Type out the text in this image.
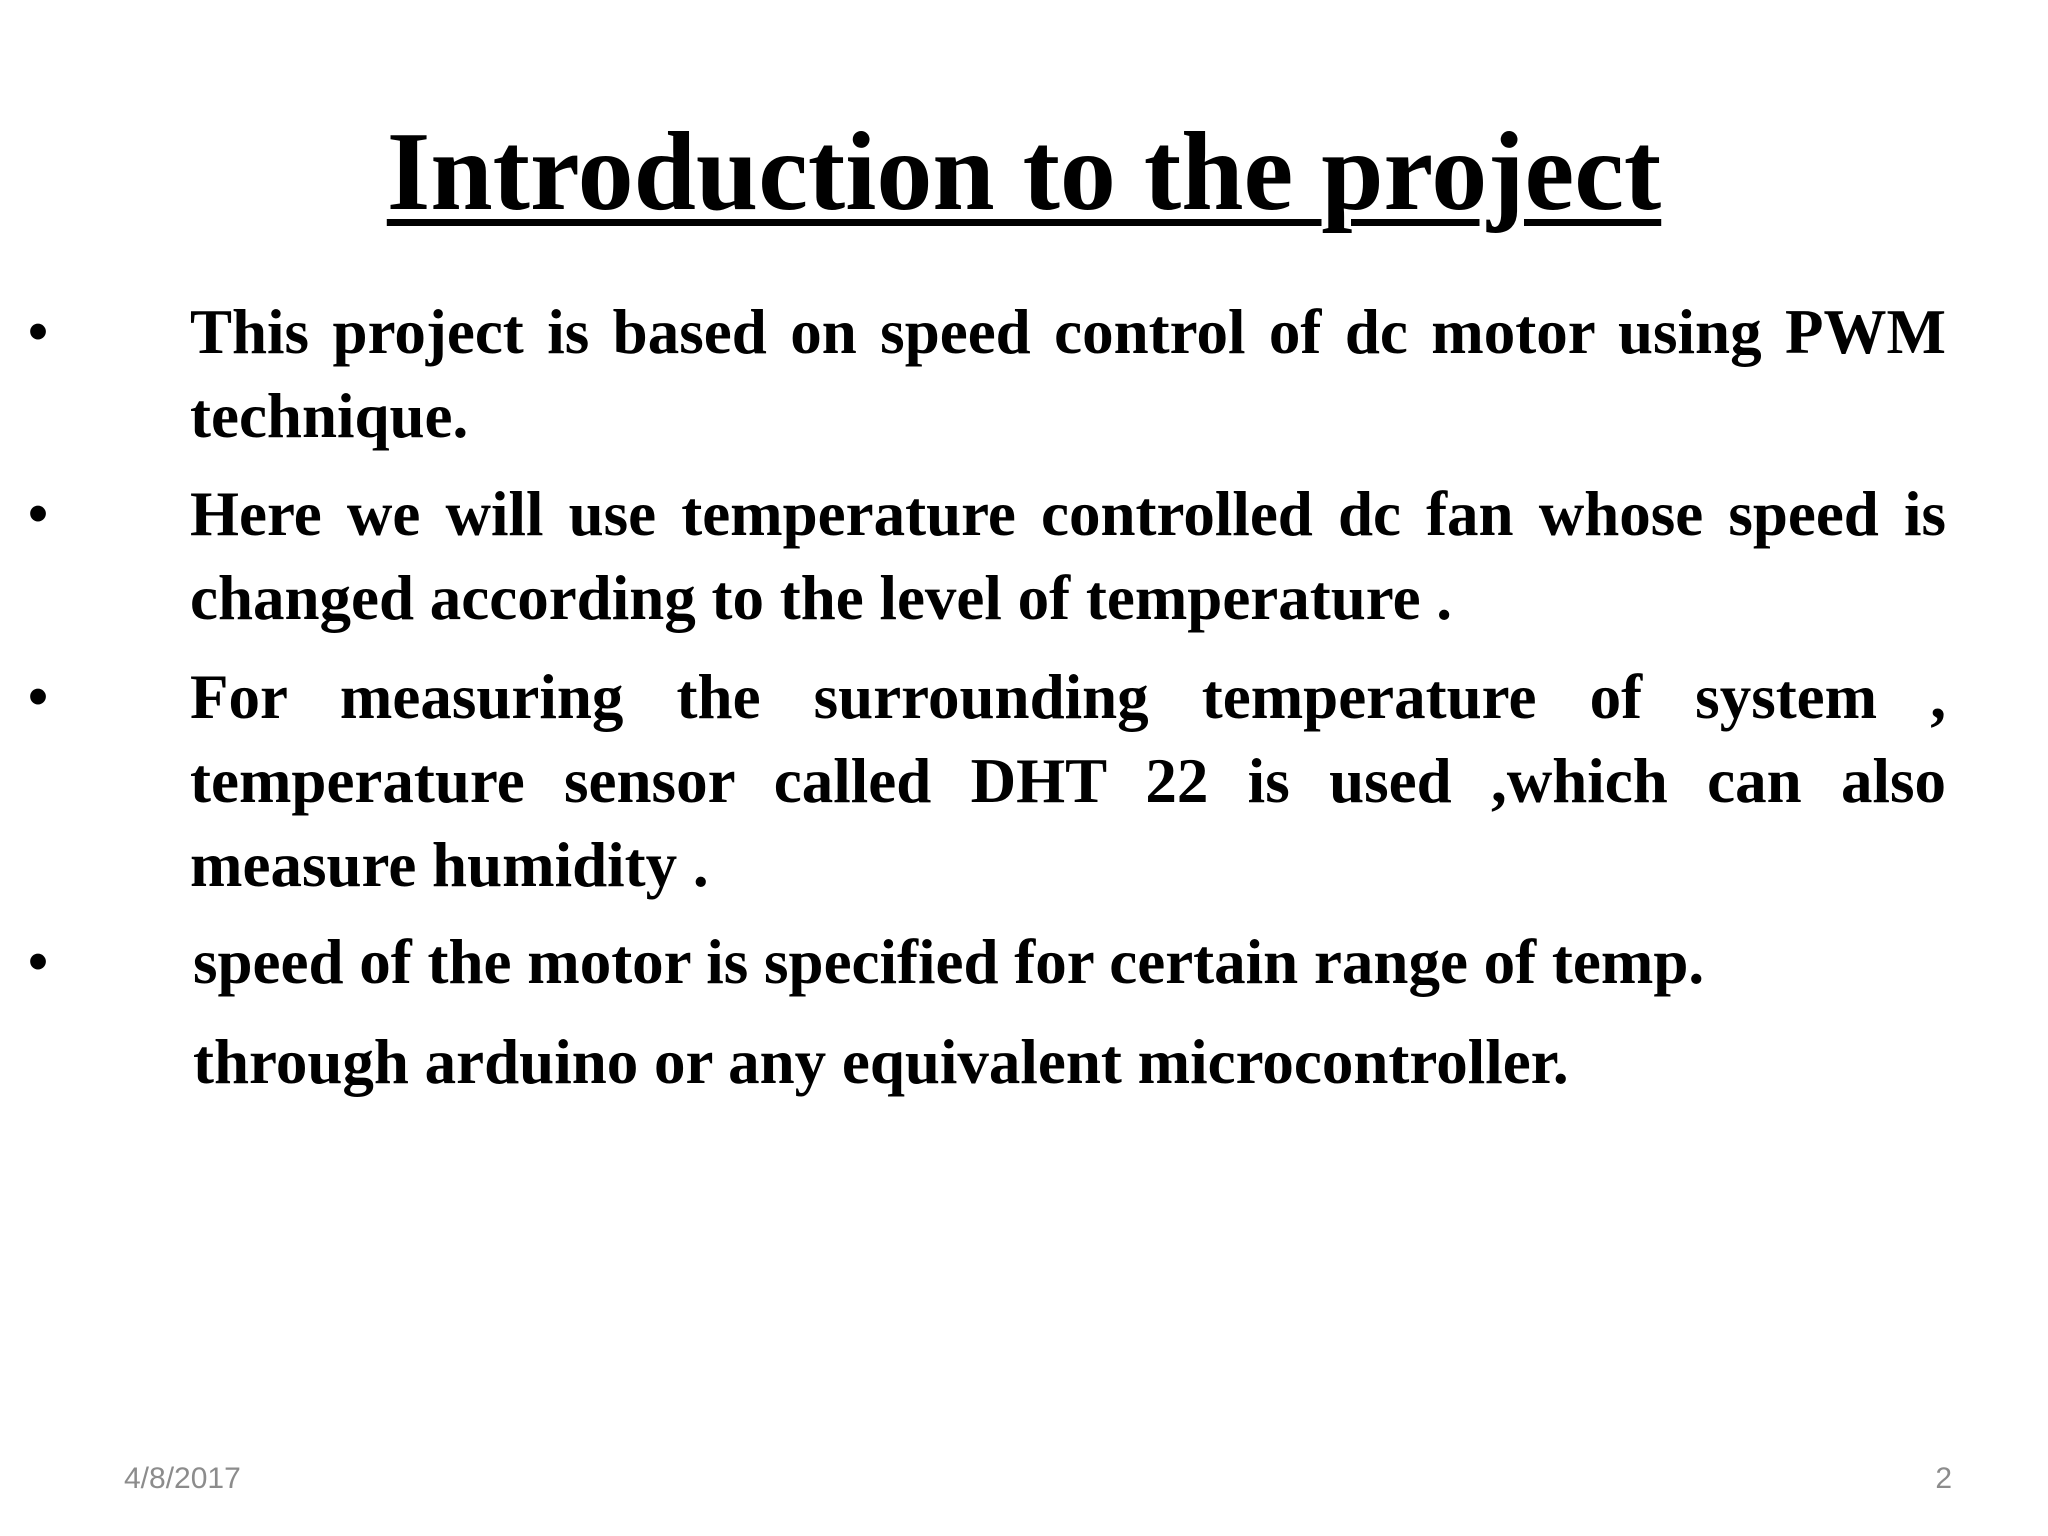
Introduction to the project
• This project is based on speed control of dc motor using PWM technique.
• Here we will use temperature controlled dc fan whose speed is changed according to the level of temperature .
• For measuring the surrounding temperature of system , temperature sensor called DHT 22 is used ,which can also measure humidity .
• speed of the motor is specified for certain range of temp.
through arduino or any equivalent microcontroller.
4/8/2017	2
